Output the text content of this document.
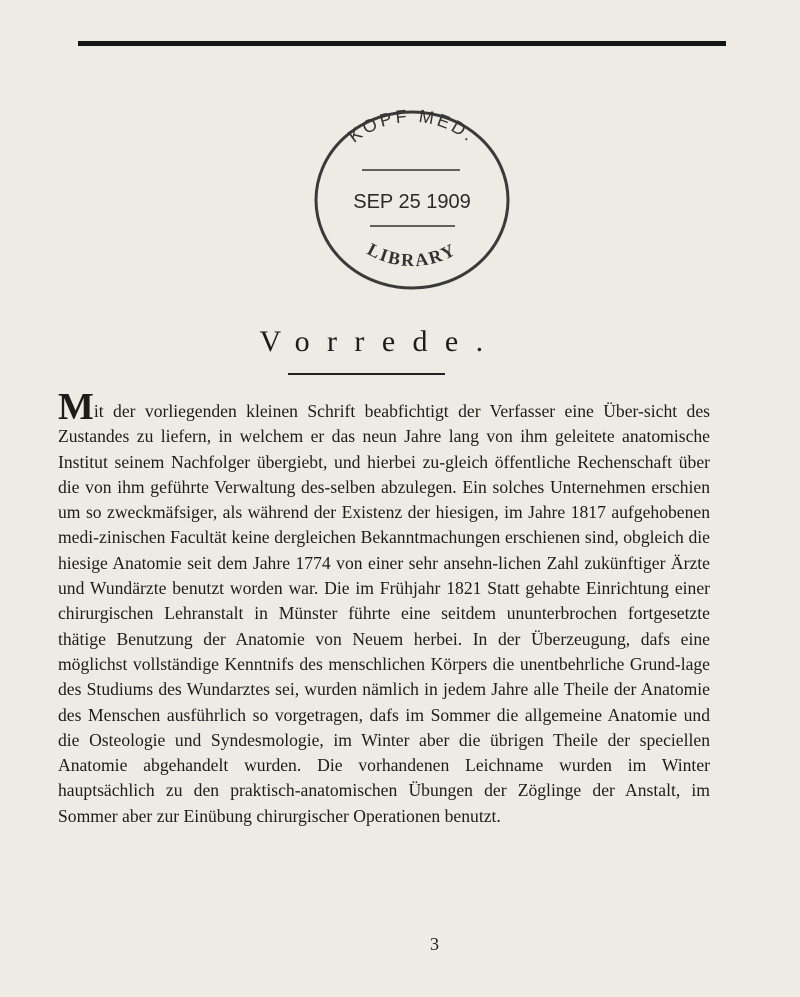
KOPF MED.
SEP 25 1909
LIBRARY
Vorrede.
Mit der vorliegenden kleinen Schrift beabfichtigt der Verfasser eine Über-sicht des Zustandes zu liefern, in welchem er das neun Jahre lang von ihm geleitete anatomische Institut seinem Nachfolger übergiebt, und hierbei zu-gleich öffentliche Rechenschaft über die von ihm geführte Verwaltung des-selben abzulegen. Ein solches Unternehmen erschien um so zweckmäfsiger, als während der Existenz der hiesigen, im Jahre 1817 aufgehobenen medi-zinischen Facultät keine dergleichen Bekanntmachungen erschienen sind, obgleich die hiesige Anatomie seit dem Jahre 1774 von einer sehr ansehn-lichen Zahl zukünftiger Ärzte und Wundärzte benutzt worden war. Die im Frühjahr 1821 Statt gehabte Einrichtung einer chirurgischen Lehranstalt in Münster führte eine seitdem ununterbrochen fortgesetzte thätige Benutzung der Anatomie von Neuem herbei. In der Überzeugung, dafs eine möglichst vollständige Kenntnifs des menschlichen Körpers die unentbehrliche Grund-lage des Studiums des Wundarztes sei, wurden nämlich in jedem Jahre alle Theile der Anatomie des Menschen ausführlich so vorgetragen, dafs im Sommer die allgemeine Anatomie und die Osteologie und Syndesmologie, im Winter aber die übrigen Theile der speciellen Anatomie abgehandelt wurden. Die vorhandenen Leichname wurden im Winter hauptsächlich zu den praktisch-anatomischen Übungen der Zöglinge der Anstalt, im Sommer aber zur Einübung chirurgischer Operationen benutzt.
3
